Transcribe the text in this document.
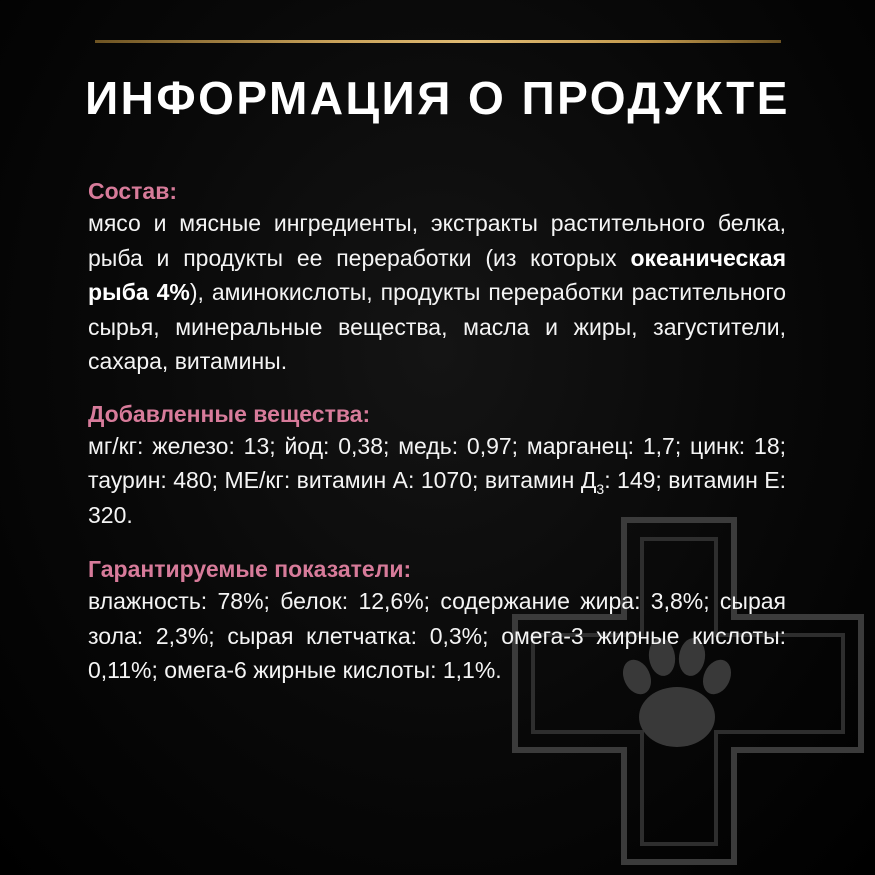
ИНФОРМАЦИЯ О ПРОДУКТЕ

Состав:

мясо и мясные ингредиенты, экстракты растительного белка, рыба и продукты ее переработки (из которых океаническая рыба 4%), аминокислоты, продукты переработки растительного сырья, минеральные вещества, масла и жиры, загустители, сахара, витамины.

Добавленные вещества:

мг/кг: железо: 13; йод: 0,38; медь: 0,97; марганец: 1,7; цинк: 18; таурин: 480; МЕ/кг: витамин А: 1070; витамин $Д_3$: 149; витамин Е: 320.

Гарантируемые показатели:

влажность: 78%; белок: 12,6%; содержание жира: 3,8%; сырая зола: 2,3%; сырая клетчатка: 0,3%; омега-3 жирные кислоты: 0,11%; омега-6 жирные кислоты: 1,1%.
